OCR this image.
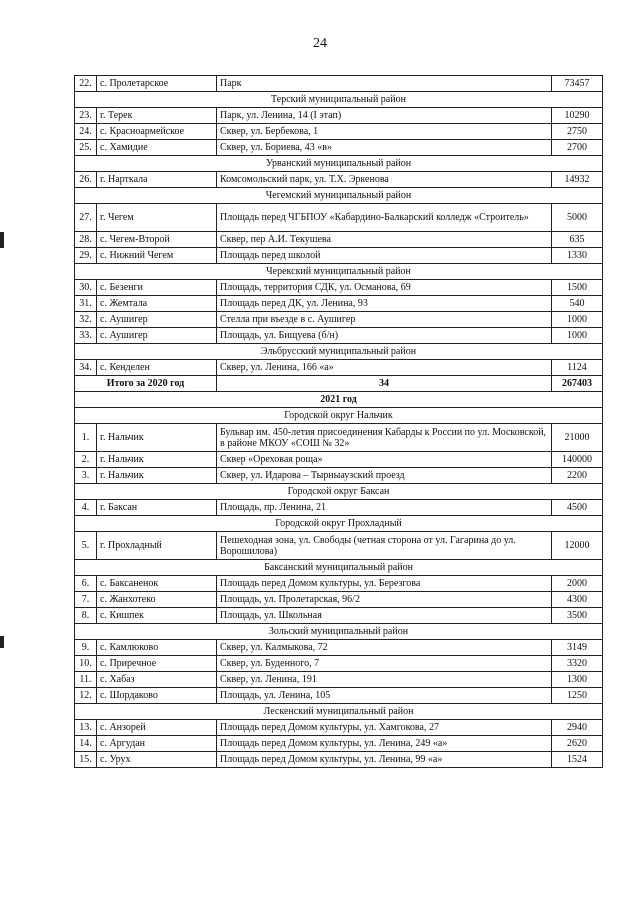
24
22.	с. Пролетарское	Парк	73457
Терский муниципальный район			
23.	г. Терек	Парк, ул. Ленина, 14 (I этап)	10290
24.	с. Красноармейское	Сквер, ул. Бербекова, 1	2750
25.	с. Хамидие	Сквер, ул. Бориева, 43 «в»	2700
Урванский муниципальный район			
26.	г. Нарткала	Комсомольский парк, ул. Т.Х. Эркенова	14932
Чегемский муниципальный район			
27.	г. Чегем	Площадь перед ЧГБПОУ «Кабардино-Балкарский колледж «Строитель»	5000
28.	с. Чегем-Второй	Сквер, пер А.И. Текушева	635
29.	с. Нижний Чегем	Площадь перед школой	1330
Черекский муниципальный район			
30.	с. Безенги	Площадь, территория СДК, ул. Османова, 69	1500
31.	с. Жемтала	Площадь перед ДК, ул. Ленина, 93	540
32.	с. Аушигер	Стелла при въезде в с. Аушигер	1000
33.	с. Аушигер	Площадь, ул. Бищуева (б/н)	1000
Эльбрусский муниципальный район			
34.	с. Кенделен	Сквер, ул. Ленина, 166 «а»	1124
Итого за 2020 год		34	267403
2021 год			
Городской округ Нальчик			
1.	г. Нальчик	Бульвар им. 450-летия присоединения Кабарды к России по ул. Московской, в районе МКОУ «СОШ № 32»	21000
2.	г. Нальчик	Сквер «Ореховая роща»	140000
3.	г. Нальчик	Сквер, ул. Идарова – Тырныаузский проезд	2200
Городской округ Баксан			
4.	г. Баксан	Площадь, пр. Ленина, 21	4500
Городской округ Прохладный			
5.	г. Прохладный	Пешеходная зона, ул. Свободы (четная сторона от ул. Гагарина до ул. Ворошилова)	12000
Баксанский муниципальный район			
6.	с. Баксаненок	Площадь перед Домом культуры, ул. Березгова	2000
7.	с. Жанхотеко	Площадь, ул. Пролетарская, 96/2	4300
8.	с. Кишпек	Площадь, ул. Школьная	3500
Зольский муниципальный район			
9.	с. Камлюково	Сквер, ул. Калмыкова, 72	3149
10.	с. Приречное	Сквер, ул. Буденного, 7	3320
11.	с. Хабаз	Сквер, ул. Ленина, 191	1300
12.	с. Шордаково	Площадь, ул. Ленина, 105	1250
Лескенский муниципальный район			
13.	с. Анзорей	Площадь перед Домом культуры, ул. Хамгокова, 27	2940
14.	с. Аргудан	Площадь перед Домом культуры, ул. Ленина, 249 «а»	2620
15.	с. Урух	Площадь перед Домом культуры, ул. Ленина, 99 «а»	1524
